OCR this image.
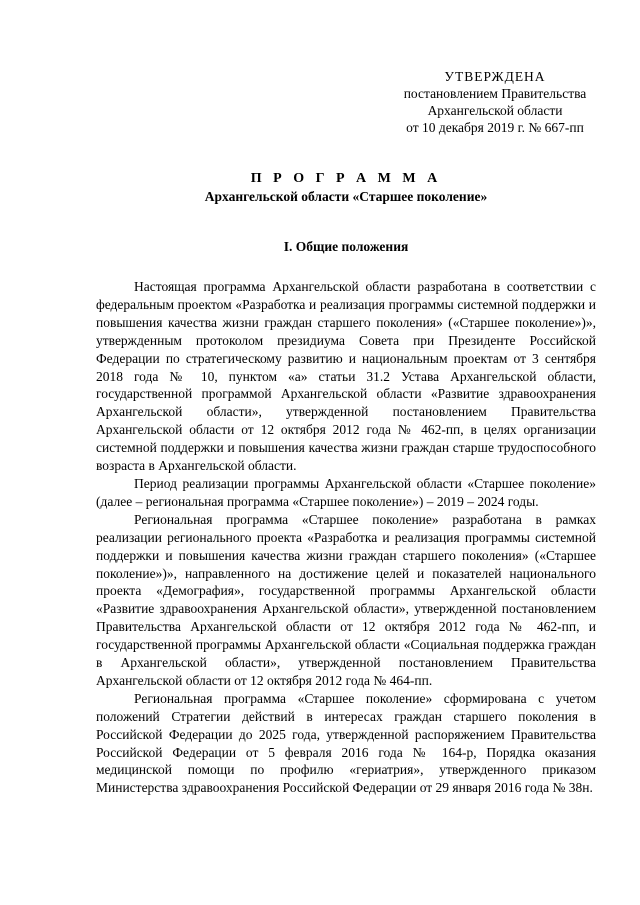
УТВЕРЖДЕНА
постановлением Правительства
Архангельской области
от 10 декабря 2019 г. № 667-пп
П Р О Г Р А М М А
Архангельской области «Старшее поколение»
I. Общие положения

Настоящая программа Архангельской области разработана в соответствии с федеральным проектом «Разработка и реализация программы системной поддержки и повышения качества жизни граждан старшего поколения» («Старшее поколение»)», утвержденным протоколом президиума Совета при Президенте Российской Федерации по стратегическому развитию и национальным проектам от 3 сентября 2018 года № 10, пунктом «а» статьи 31.2 Устава Архангельской области, государственной программой Архангельской области «Развитие здравоохранения Архангельской области», утвержденной постановлением Правительства Архангельской области от 12 октября 2012 года № 462-пп, в целях организации системной поддержки и повышения качества жизни граждан старше трудоспособного возраста в Архангельской области.

Период реализации программы Архангельской области «Старшее поколение» (далее – региональная программа «Старшее поколение») – 2019 – 2024 годы.

Региональная программа «Старшее поколение» разработана в рамках реализации регионального проекта «Разработка и реализация программы системной поддержки и повышения качества жизни граждан старшего поколения» («Старшее поколение»)», направленного на достижение целей и показателей национального проекта «Демография», государственной программы Архангельской области «Развитие здравоохранения Архангельской области», утвержденной постановлением Правительства Архангельской области от 12 октября 2012 года № 462-пп, и государственной программы Архангельской области «Социальная поддержка граждан в Архангельской области», утвержденной постановлением Правительства Архангельской области от 12 октября 2012 года № 464-пп.

Региональная программа «Старшее поколение» сформирована с учетом положений Стратегии действий в интересах граждан старшего поколения в Российской Федерации до 2025 года, утвержденной распоряжением Правительства Российской Федерации от 5 февраля 2016 года № 164-р, Порядка оказания медицинской помощи по профилю «гериатрия», утвержденного приказом Министерства здравоохранения Российской Федерации от 29 января 2016 года № 38н.
